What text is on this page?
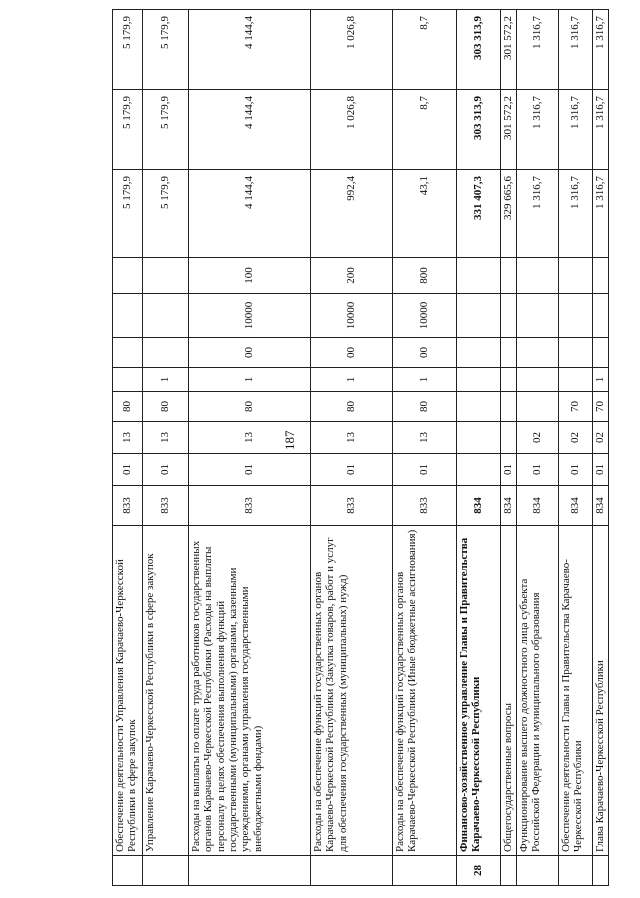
187
	Обеспечение деятельности Управления Карачаево-Черкесской Республики в сфере закупок	833	01	13	80					5 179,9	5 179,9	5 179,9
	Управление Карачаево-Черкесской Республики в сфере закупок	833	01	13	80	1				5 179,9	5 179,9	5 179,9
	Расходы на выплаты по оплате труда работников государственных органов Карачаево-Черкесской Республики (Расходы на выплаты персоналу в целях обеспечения выполнения функций государственными (муниципальными) органами, казенными учреждениями, органами управления государственными внебюджетными фондами)	833	01	13	80	1	00	10000	100	4 144,4	4 144,4	4 144,4
	Расходы на обеспечение функций государственных органов Карачаево-Черкесской Республики (Закупка товаров, работ и услуг для обеспечения государственных (муниципальных) нужд)	833	01	13	80	1	00	10000	200	992,4	1 026,8	1 026,8
	Расходы на обеспечение функций государственных органов Карачаево-Черкесской Республики (Иные бюджетные ассигнования)	833	01	13	80	1	00	10000	800	43,1	8,7	8,7
28	Финансово-хозяйственное управление Главы и Правительства Карачаево-Черкесской Республики	834								331 407,3	303 313,9	303 313,9
	Общегосударственные вопросы	834	01							329 665,6	301 572,2	301 572,2
	Функционирование высшего должностного лица субъекта Российской Федерации и муниципального образования	834	01	02						1 316,7	1 316,7	1 316,7
	Обеспечение деятельности Главы и Правительства Карачаево-Черкесской Республики	834	01	02	70					1 316,7	1 316,7	1 316,7
	Глава Карачаево-Черкесской Республики	834	01	02	70	1				1 316,7	1 316,7	1 316,7
